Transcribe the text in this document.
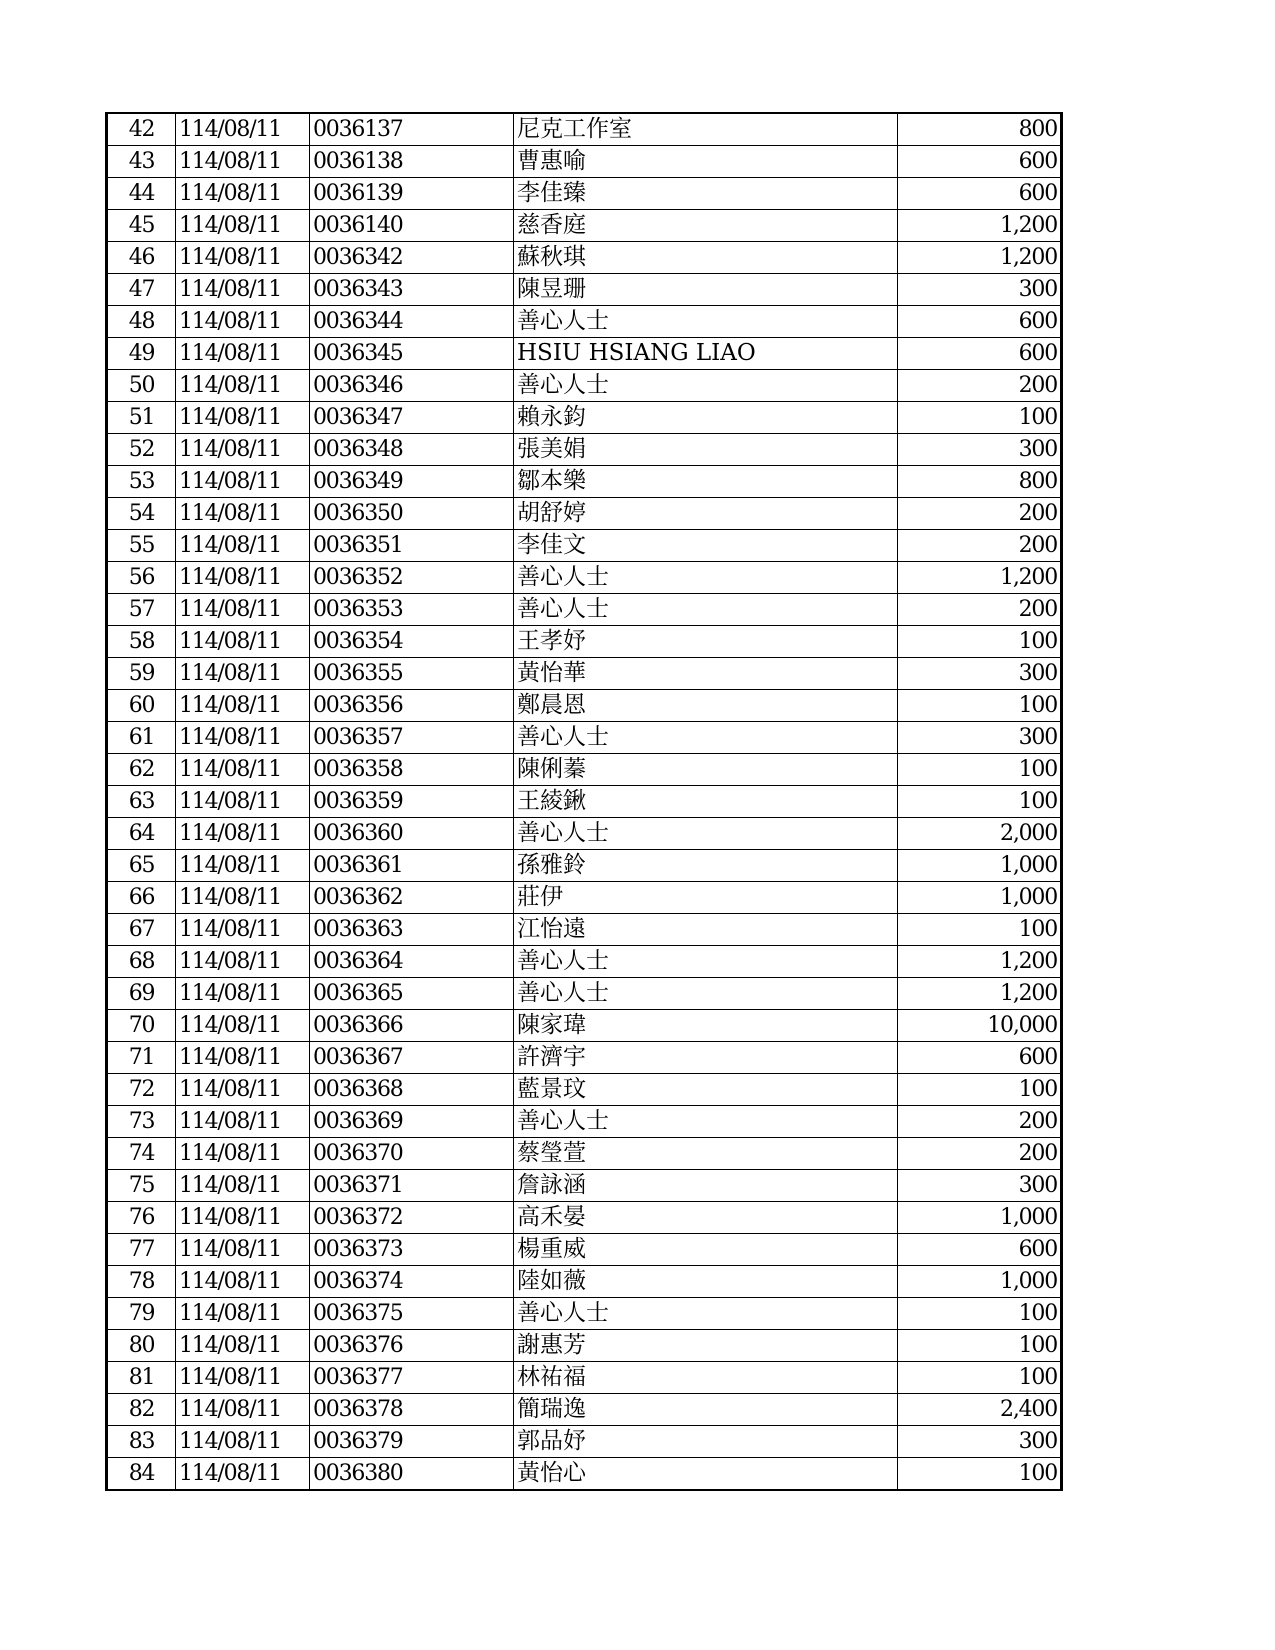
42	114/08/11	0036137	尼克工作室	800
43	114/08/11	0036138	曹惠喻	600
44	114/08/11	0036139	李佳臻	600
45	114/08/11	0036140	慈香庭	1,200
46	114/08/11	0036342	蘇秋琪	1,200
47	114/08/11	0036343	陳昱珊	300
48	114/08/11	0036344	善心人士	600
49	114/08/11	0036345	HSIU HSIANG LIAO	600
50	114/08/11	0036346	善心人士	200
51	114/08/11	0036347	賴永鈞	100
52	114/08/11	0036348	張美娟	300
53	114/08/11	0036349	鄒本樂	800
54	114/08/11	0036350	胡舒婷	200
55	114/08/11	0036351	李佳文	200
56	114/08/11	0036352	善心人士	1,200
57	114/08/11	0036353	善心人士	200
58	114/08/11	0036354	王孝妤	100
59	114/08/11	0036355	黃怡華	300
60	114/08/11	0036356	鄭晨恩	100
61	114/08/11	0036357	善心人士	300
62	114/08/11	0036358	陳俐蓁	100
63	114/08/11	0036359	王綾鍬	100
64	114/08/11	0036360	善心人士	2,000
65	114/08/11	0036361	孫雅鈴	1,000
66	114/08/11	0036362	莊伊	1,000
67	114/08/11	0036363	江怡遠	100
68	114/08/11	0036364	善心人士	1,200
69	114/08/11	0036365	善心人士	1,200
70	114/08/11	0036366	陳家瑋	10,000
71	114/08/11	0036367	許濟宇	600
72	114/08/11	0036368	藍景玟	100
73	114/08/11	0036369	善心人士	200
74	114/08/11	0036370	蔡瑩萱	200
75	114/08/11	0036371	詹詠涵	300
76	114/08/11	0036372	高禾晏	1,000
77	114/08/11	0036373	楊重威	600
78	114/08/11	0036374	陸如薇	1,000
79	114/08/11	0036375	善心人士	100
80	114/08/11	0036376	謝惠芳	100
81	114/08/11	0036377	林祐福	100
82	114/08/11	0036378	簡瑞逸	2,400
83	114/08/11	0036379	郭品妤	300
84	114/08/11	0036380	黃怡心	100
